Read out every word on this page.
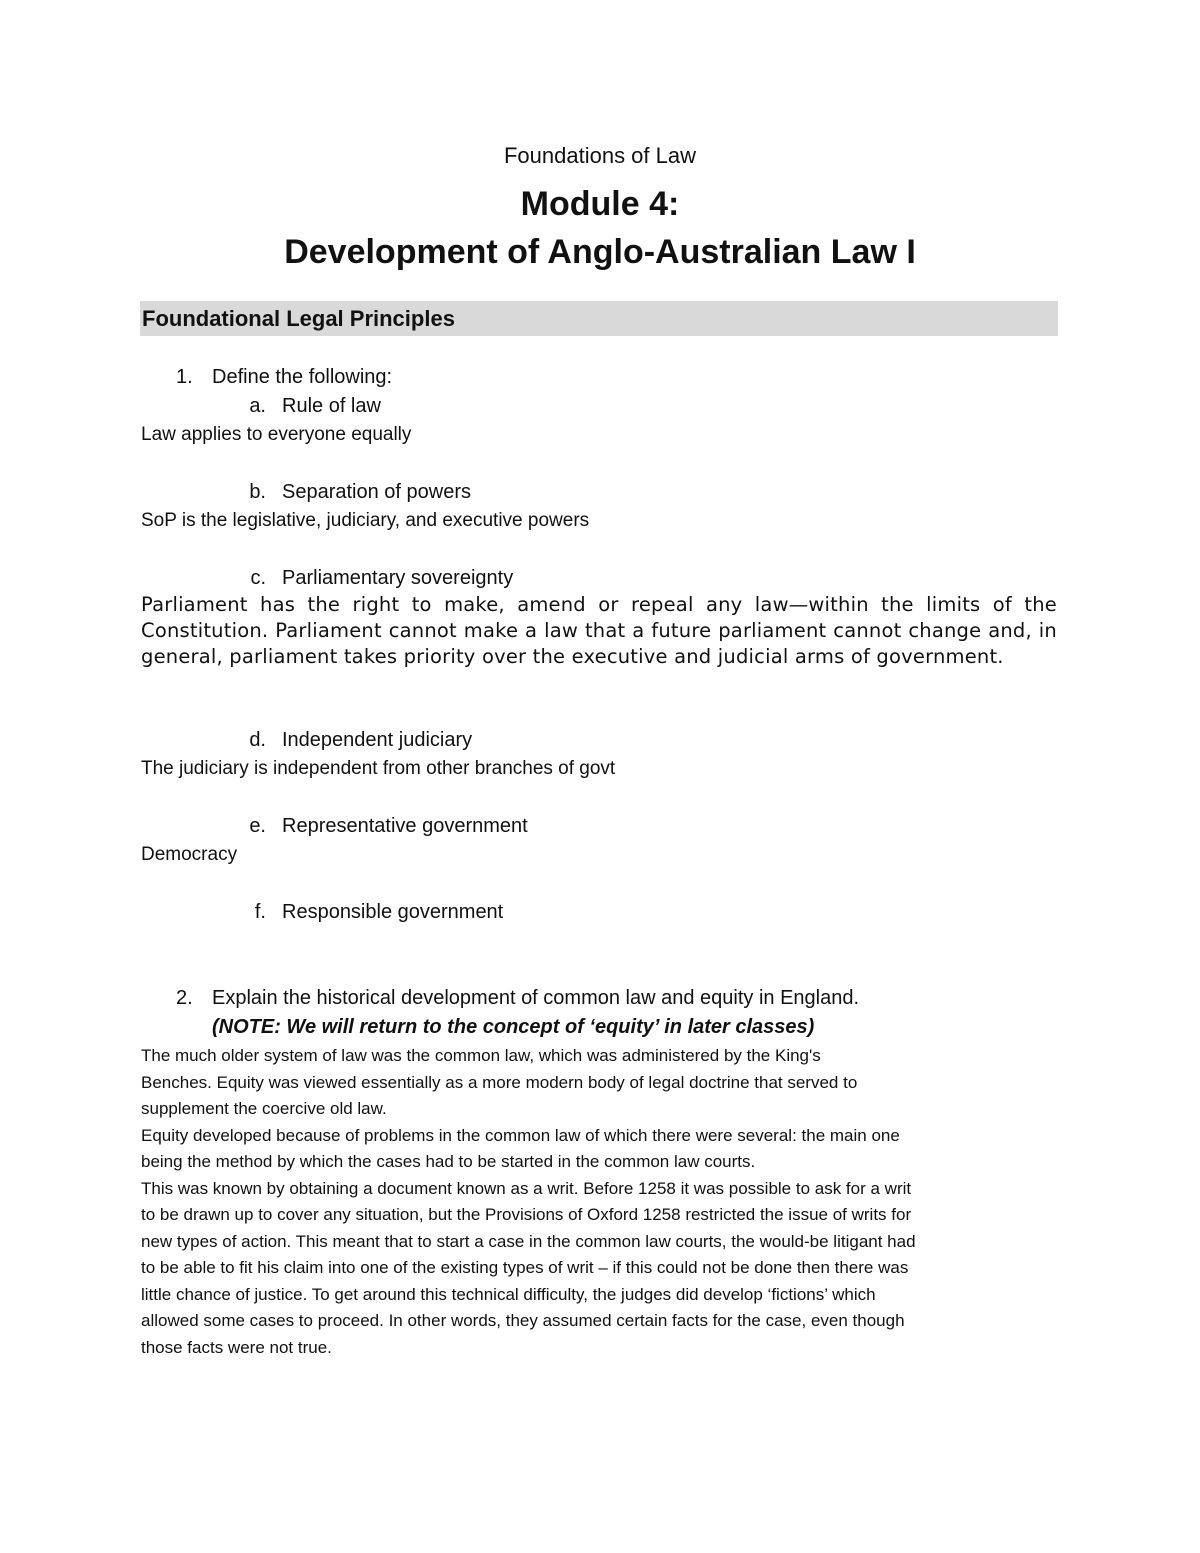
Foundations of Law
Module 4:
Development of Anglo-Australian Law I
Foundational Legal Principles
1. Define the following:
a. Rule of law
Law applies to everyone equally
b. Separation of powers
SoP is the legislative, judiciary, and executive powers
c. Parliamentary sovereignty
Parliament has the right to make, amend or repeal any law—within the limits of the Constitution. Parliament cannot make a law that a future parliament cannot change and, in general, parliament takes priority over the executive and judicial arms of government.
d. Independent judiciary
The judiciary is independent from other branches of govt
e. Representative government
Democracy
f. Responsible government
2. Explain the historical development of common law and equity in England.
(NOTE: We will return to the concept of ‘equity’ in later classes)
The much older system of law was the common law, which was administered by the King's
Benches. Equity was viewed essentially as a more modern body of legal doctrine that served to
supplement the coercive old law.
Equity developed because of problems in the common law of which there were several: the main one
being the method by which the cases had to be started in the common law courts.
This was known by obtaining a document known as a writ. Before 1258 it was possible to ask for a writ
to be drawn up to cover any situation, but the Provisions of Oxford 1258 restricted the issue of writs for
new types of action. This meant that to start a case in the common law courts, the would-be litigant had
to be able to fit his claim into one of the existing types of writ – if this could not be done then there was
little chance of justice. To get around this technical difficulty, the judges did develop ‘fictions’ which
allowed some cases to proceed. In other words, they assumed certain facts for the case, even though
those facts were not true.
